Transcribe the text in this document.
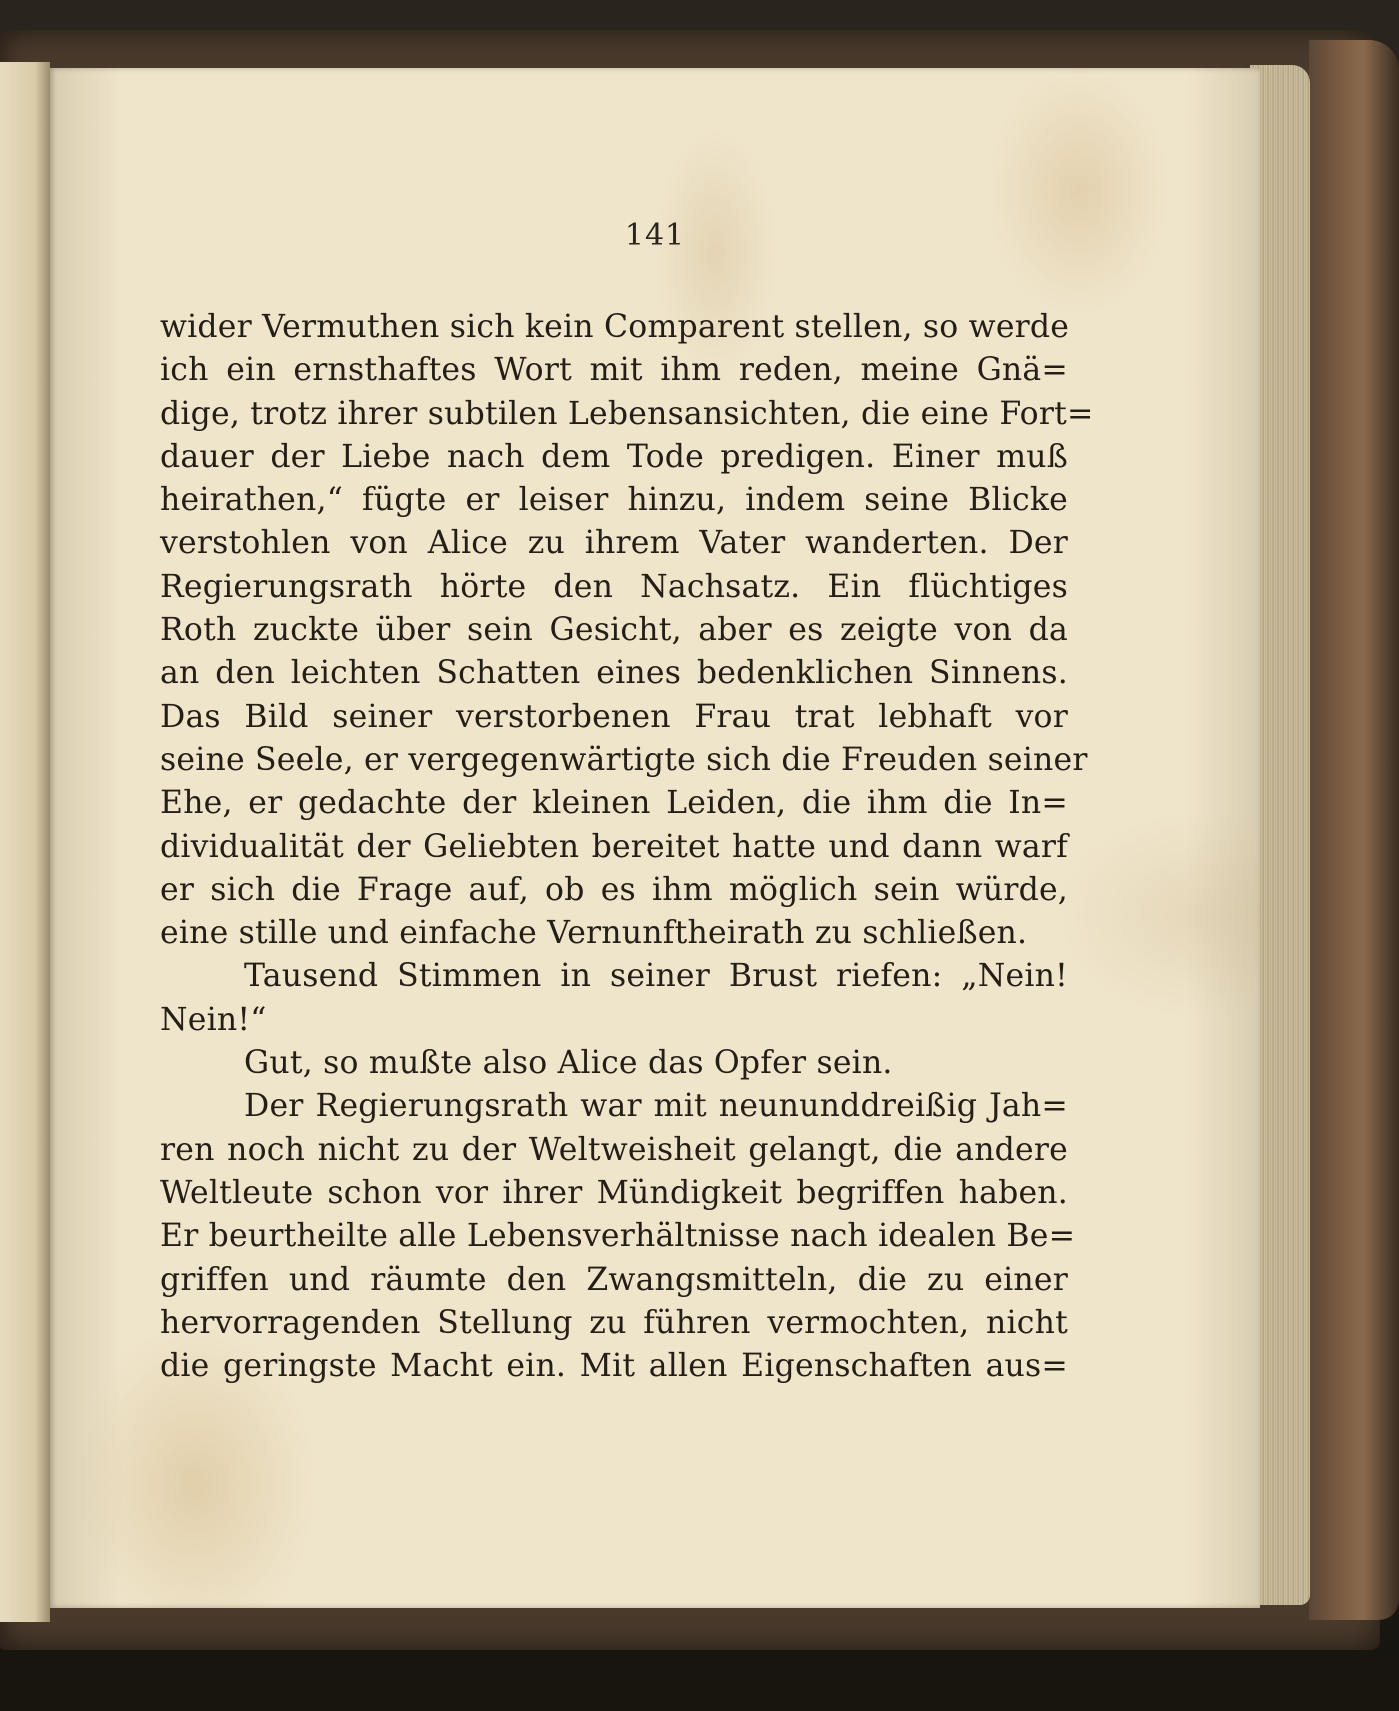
141
wider Vermuthen sich kein Comparent stellen, so werde
ich ein ernsthaftes Wort mit ihm reden, meine Gnä=
dige, trotz ihrer subtilen Lebensansichten, die eine Fort=
dauer der Liebe nach dem Tode predigen. Einer muß
heirathen,“ fügte er leiser hinzu, indem seine Blicke
verstohlen von Alice zu ihrem Vater wanderten. Der
Regierungsrath hörte den Nachsatz. Ein flüchtiges
Roth zuckte über sein Gesicht, aber es zeigte von da
an den leichten Schatten eines bedenklichen Sinnens.
Das Bild seiner verstorbenen Frau trat lebhaft vor
seine Seele, er vergegenwärtigte sich die Freuden seiner
Ehe, er gedachte der kleinen Leiden, die ihm die In=
dividualität der Geliebten bereitet hatte und dann warf
er sich die Frage auf, ob es ihm möglich sein würde,
eine stille und einfache Vernunftheirath zu schließen.
Tausend Stimmen in seiner Brust riefen: „Nein!
Nein!“
Gut, so mußte also Alice das Opfer sein.
Der Regierungsrath war mit neununddreißig Jah=
ren noch nicht zu der Weltweisheit gelangt, die andere
Weltleute schon vor ihrer Mündigkeit begriffen haben.
Er beurtheilte alle Lebensverhältnisse nach idealen Be=
griffen und räumte den Zwangsmitteln, die zu einer
hervorragenden Stellung zu führen vermochten, nicht
die geringste Macht ein. Mit allen Eigenschaften aus=
